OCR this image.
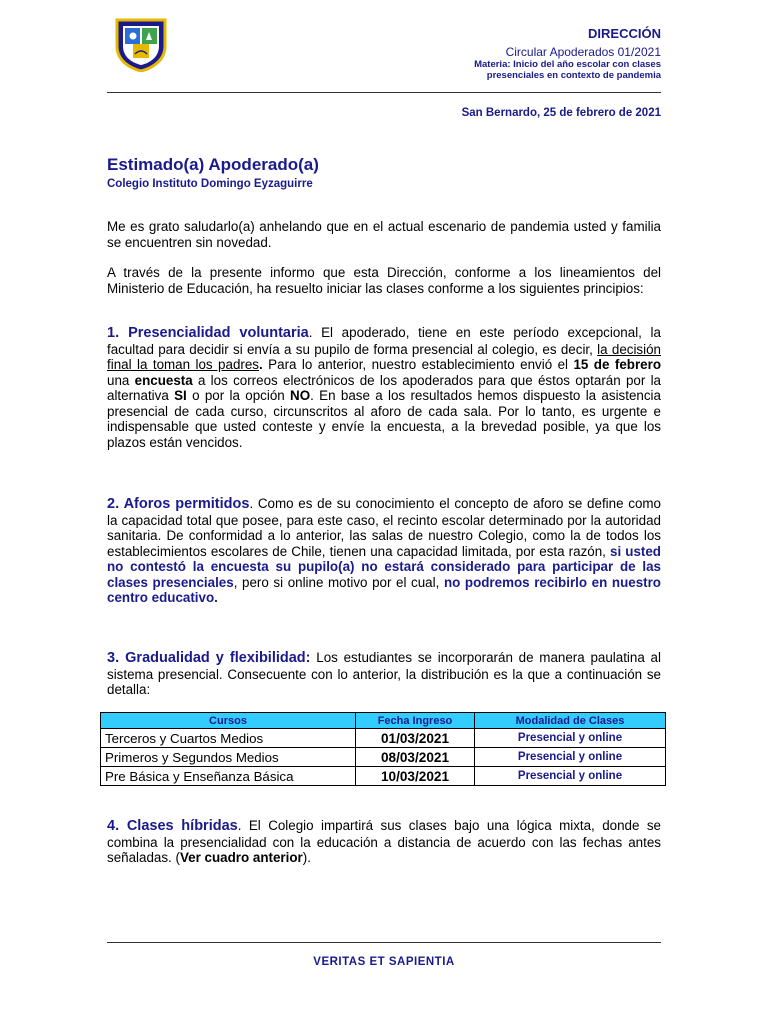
DIRECCIÓN
Circular Apoderados 01/2021
Materia: Inicio del año escolar con clases
presenciales en contexto de pandemia
San Bernardo, 25 de febrero de 2021
Estimado(a) Apoderado(a)
Colegio Instituto Domingo Eyzaguirre
Me es grato saludarlo(a) anhelando que en el actual escenario de pandemia usted y familia se encuentren sin novedad.
A través de la presente informo que esta Dirección, conforme a los lineamientos del Ministerio de Educación, ha resuelto iniciar las clases conforme a los siguientes principios:
1. Presencialidad voluntaria. El apoderado, tiene en este período excepcional, la facultad para decidir si envía a su pupilo de forma presencial al colegio, es decir, la decisión final la toman los padres. Para lo anterior, nuestro establecimiento envió el 15 de febrero una encuesta a los correos electrónicos de los apoderados para que éstos optarán por la alternativa SI o por la opción NO. En base a los resultados hemos dispuesto la asistencia presencial de cada curso, circunscritos al aforo de cada sala. Por lo tanto, es urgente e indispensable que usted conteste y envíe la encuesta, a la brevedad posible, ya que los plazos están vencidos.
2. Aforos permitidos. Como es de su conocimiento el concepto de aforo se define como la capacidad total que posee, para este caso, el recinto escolar determinado por la autoridad sanitaria. De conformidad a lo anterior, las salas de nuestro Colegio, como la de todos los establecimientos escolares de Chile, tienen una capacidad limitada, por esta razón, si usted no contestó la encuesta su pupilo(a) no estará considerado para participar de las clases presenciales, pero si online motivo por el cual, no podremos recibirlo en nuestro centro educativo.
3. Gradualidad y flexibilidad: Los estudiantes se incorporarán de manera paulatina al sistema presencial. Consecuente con lo anterior, la distribución es la que a continuación se detalla:
Cursos	Fecha Ingreso	Modalidad de Clases
Terceros y Cuartos Medios	01/03/2021	Presencial y online
Primeros y Segundos Medios	08/03/2021	Presencial y online
Pre Básica y Enseñanza Básica	10/03/2021	Presencial y online
4. Clases híbridas. El Colegio impartirá sus clases bajo una lógica mixta, donde se combina la presencialidad con la educación a distancia de acuerdo con las fechas antes señaladas. (Ver cuadro anterior).
VERITAS ET SAPIENTIA
